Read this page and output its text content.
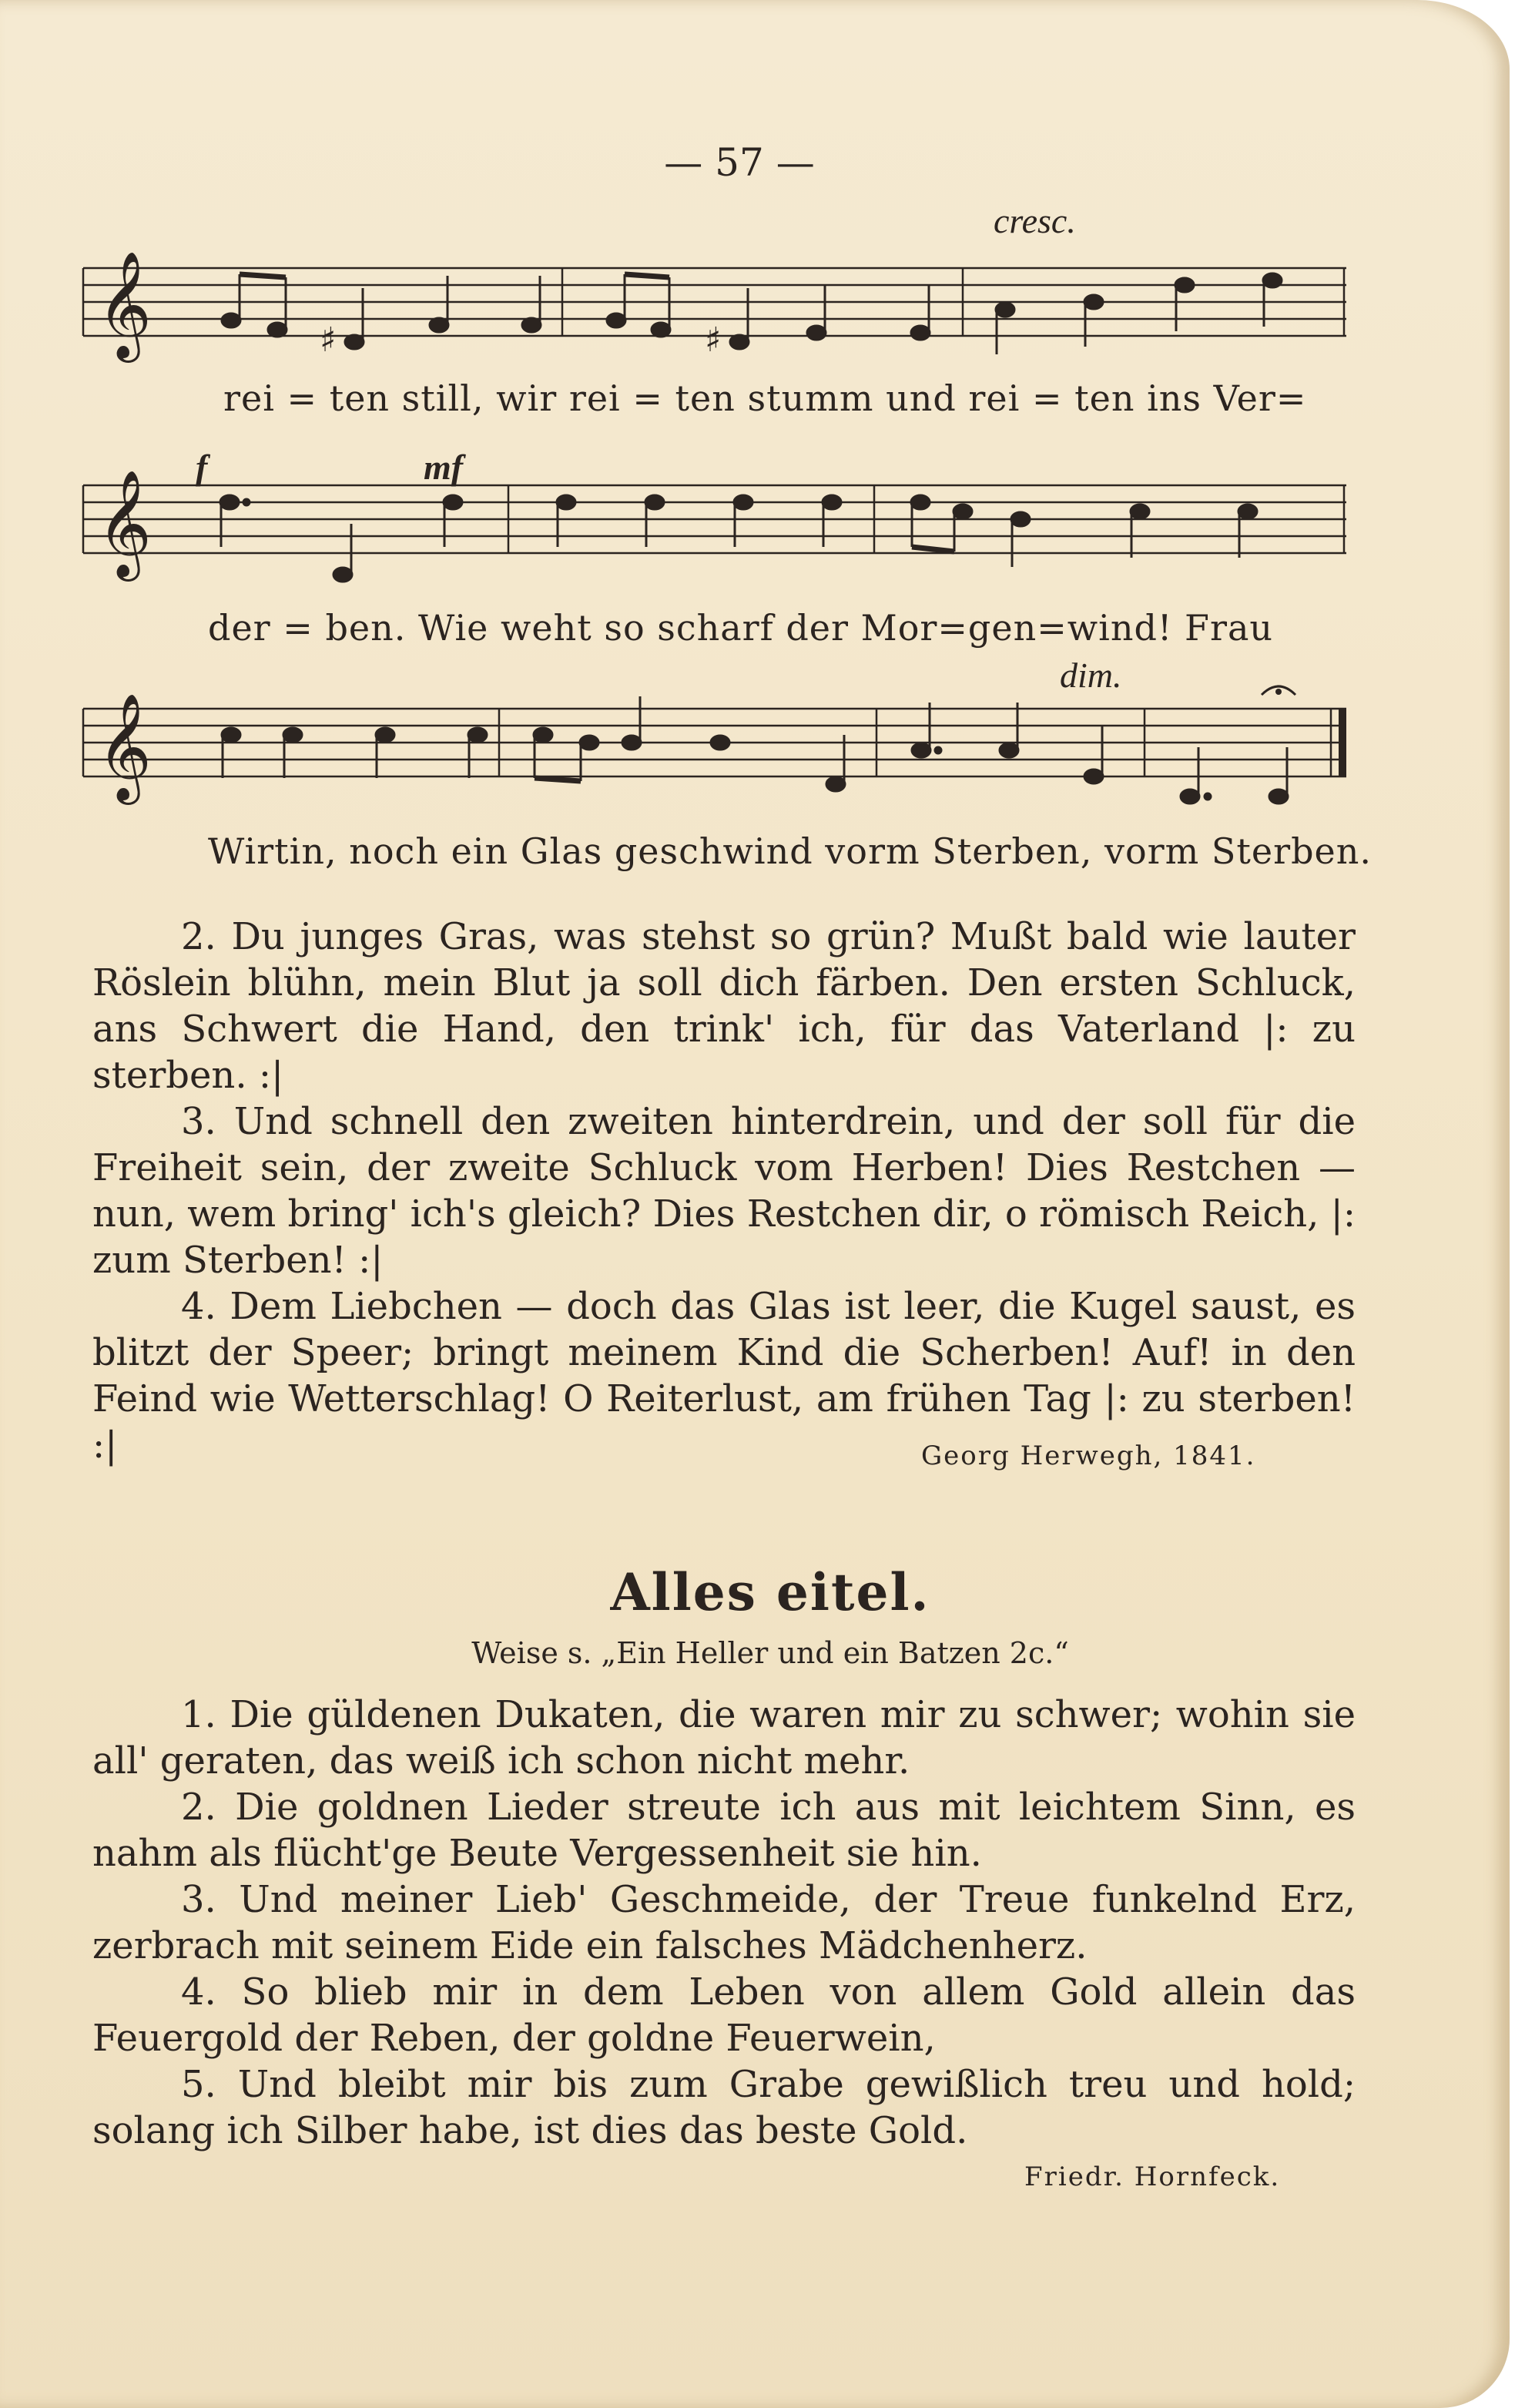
— 57 —
cresc.
𝄞	♯	♯
rei = ten still, wir rei = ten stumm und rei = ten ins Ver=
f	mf
𝄞
der = ben. Wie weht so scharf der Mor=gen=wind! Frau
dim.
𝄞
Wirtin, noch ein Glas geschwind vorm Sterben, vorm Sterben.

2. Du junges Gras, was stehst so grün? Mußt bald wie lauter Röslein blühn, mein Blut ja soll dich färben. Den ersten Schluck, ans Schwert die Hand, den trink' ich, für das Vaterland |: zu sterben. :|

3. Und schnell den zweiten hinterdrein, und der soll für die Freiheit sein, der zweite Schluck vom Herben! Dies Restchen — nun, wem bring' ich's gleich? Dies Restchen dir, o römisch Reich, |: zum Sterben! :|

4. Dem Liebchen — doch das Glas ist leer, die Kugel saust, es blitzt der Speer; bringt meinem Kind die Scherben! Auf! in den Feind wie Wetterschlag! O Reiterlust, am frühen Tag |: zu sterben! :|	Georg Herwegh, 1841.
Alles eitel.
Weise s. „Ein Heller und ein Batzen 2c.“

1. Die güldenen Dukaten, die waren mir zu schwer; wohin sie all' geraten, das weiß ich schon nicht mehr.

2. Die goldnen Lieder streute ich aus mit leichtem Sinn, es nahm als flücht'ge Beute Vergessenheit sie hin.

3. Und meiner Lieb' Geschmeide, der Treue funkelnd Erz, zerbrach mit seinem Eide ein falsches Mädchenherz.

4. So blieb mir in dem Leben von allem Gold allein das Feuergold der Reben, der goldne Feuerwein,

5. Und bleibt mir bis zum Grabe gewißlich treu und hold; solang ich Silber habe, ist dies das beste Gold.

Friedr. Hornfeck.
